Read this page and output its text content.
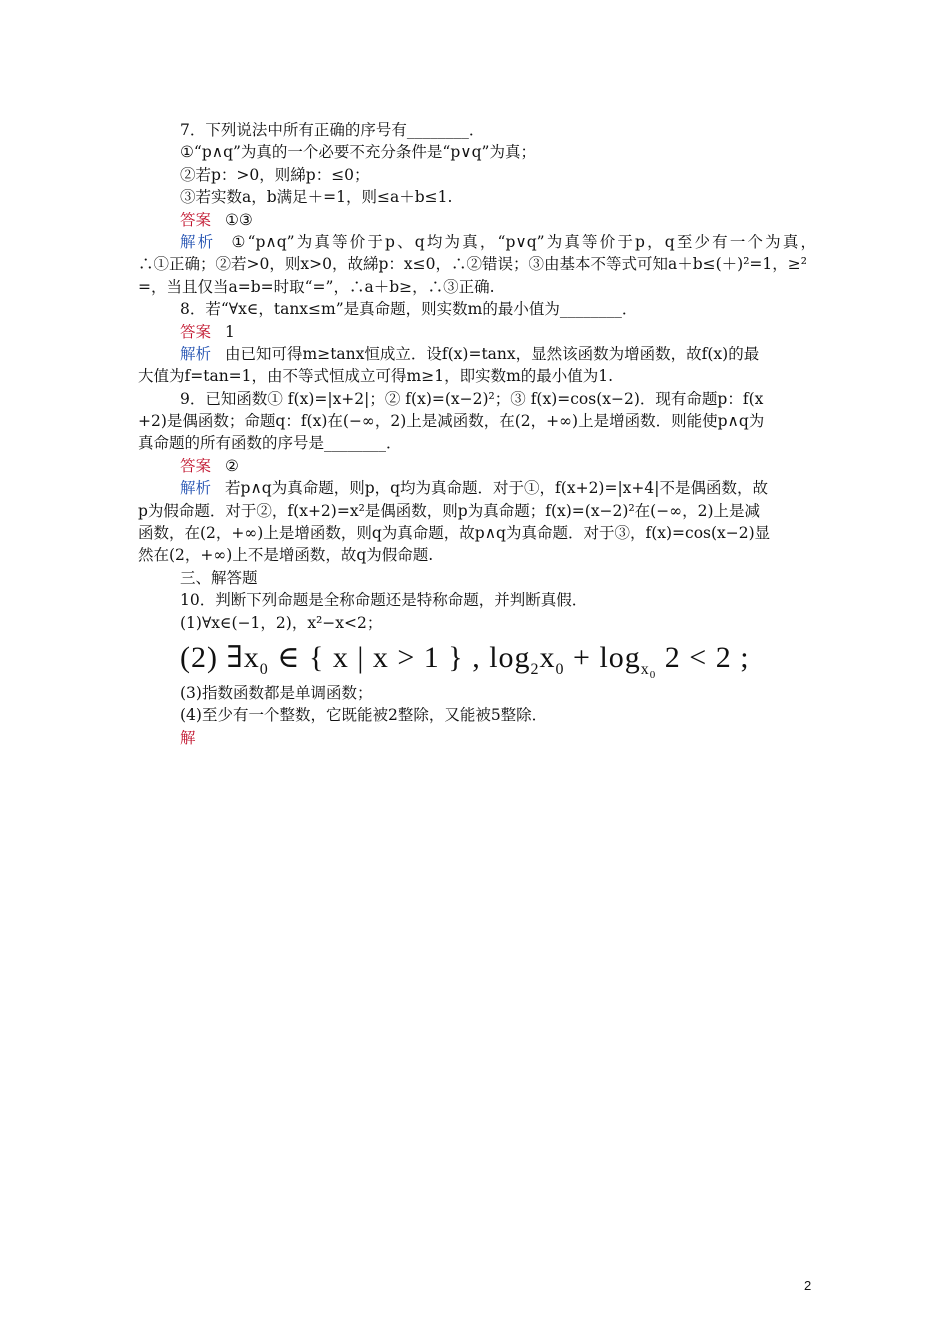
7．下列说法中所有正确的序号有________．
①“p∧q”为真的一个必要不充分条件是“p∨q”为真；
②若p：>0，则綈p：≤0；
③若实数a，b满足＋=1，则≤a＋b≤1.
答案 ①③
解析 ①“p∧q”为真等价于p、q均为真，“p∨q”为真等价于p，q至少有一个为真，
∴①正确；②若>0，则x>0，故綈p：x≤0，∴②错误；③由基本不等式可知a＋b≤(＋)²=1，≥²
=，当且仅当a=b=时取“=”，∴a＋b≥，∴③正确.
8．若“∀x∈，tanx≤m”是真命题，则实数m的最小值为________．
答案 1
解析 由已知可得m≥tanx恒成立．设f(x)=tanx，显然该函数为增函数，故f(x)的最
大值为f=tan=1，由不等式恒成立可得m≥1，即实数m的最小值为1.
9．已知函数① f(x)=|x+2|；② f(x)=(x−2)²；③ f(x)=cos(x−2)．现有命题p：f(x
+2)是偶函数；命题q：f(x)在(−∞，2)上是减函数，在(2，+∞)上是增函数．则能使p∧q为
真命题的所有函数的序号是________．
答案 ②
解析 若p∧q为真命题，则p，q均为真命题．对于①，f(x+2)=|x+4|不是偶函数，故
p为假命题．对于②，f(x+2)=x²是偶函数，则p为真命题；f(x)=(x−2)²在(−∞，2)上是减
函数，在(2，+∞)上是增函数，则q为真命题，故p∧q为真命题．对于③，f(x)=cos(x−2)显
然在(2，+∞)上不是增函数，故q为假命题.
三、解答题
10．判断下列命题是全称命题还是特称命题，并判断真假．
(1)∀x∈(−1，2)，x²−x<2；
(2) $\exists x_0$ ∈ { x | x > 1 } , $\log_2x_0 + \log_{x_0} 2 < 2$ ;
(3)指数函数都是单调函数；
(4)至少有一个整数，它既能被2整除，又能被5整除．
解
2
